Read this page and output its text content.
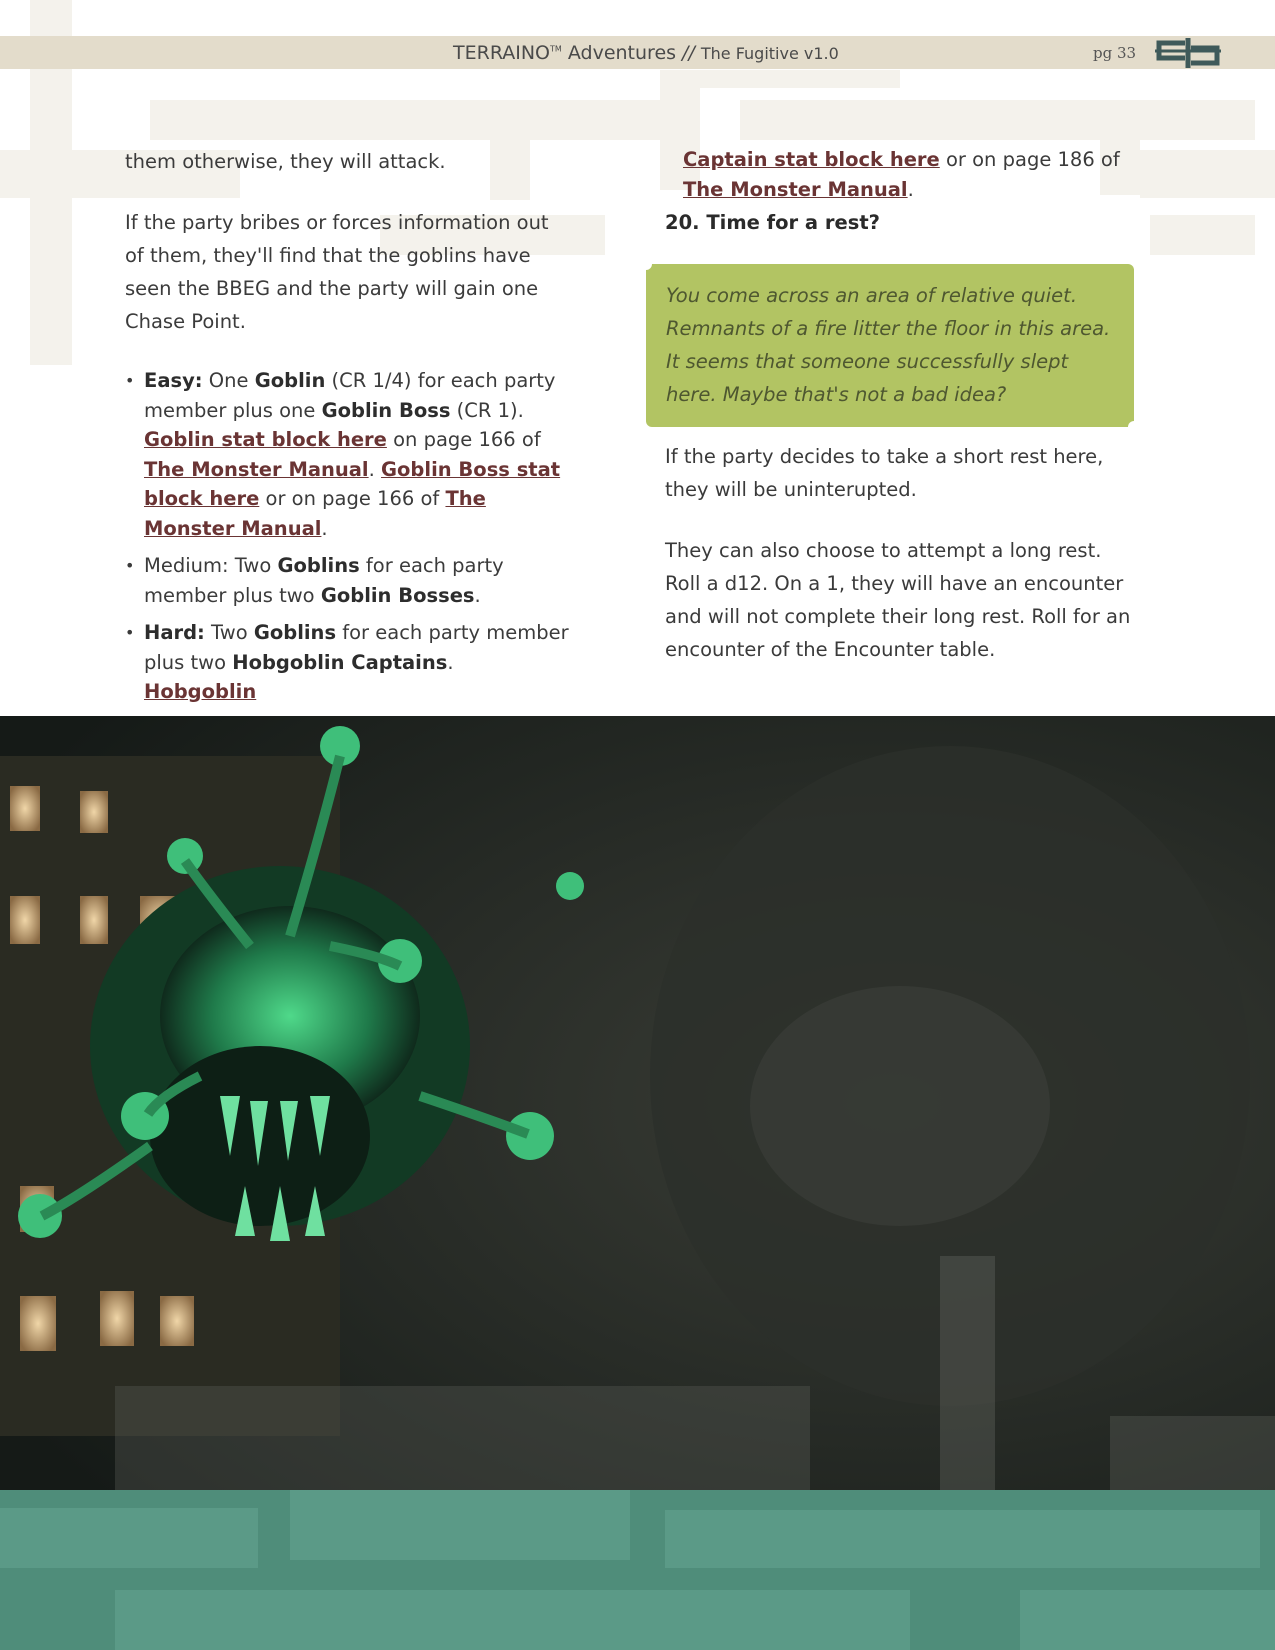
TERRAINO™ Adventures // The Fugitive v1.0	pg 33

them otherwise, they will attack.

If the party bribes or forces information out of them, they'll find that the goblins have seen the BBEG and the party will gain one Chase Point.

• Easy: One Goblin (CR 1/4) for each party member plus one Goblin Boss (CR 1). Goblin stat block here on page 166 of The Monster Manual. Goblin Boss stat block here or on page 166 of The Monster Manual.
• Medium: Two Goblins for each party member plus two Goblin Bosses.
• Hard: Two Goblins for each party member plus two Hobgoblin Captains. Hobgoblin
Captain stat block here or on page 186 of The Monster Manual.
20. Time for a rest?
You come across an area of relative quiet. Remnants of a fire litter the floor in this area. It seems that someone successfully slept here. Maybe that's not a bad idea?

If the party decides to take a short rest here, they will be uninterupted.

They can also choose to attempt a long rest. Roll a d12. On a 1, they will have an encounter and will not complete their long rest. Roll for an encounter of the Encounter table.
